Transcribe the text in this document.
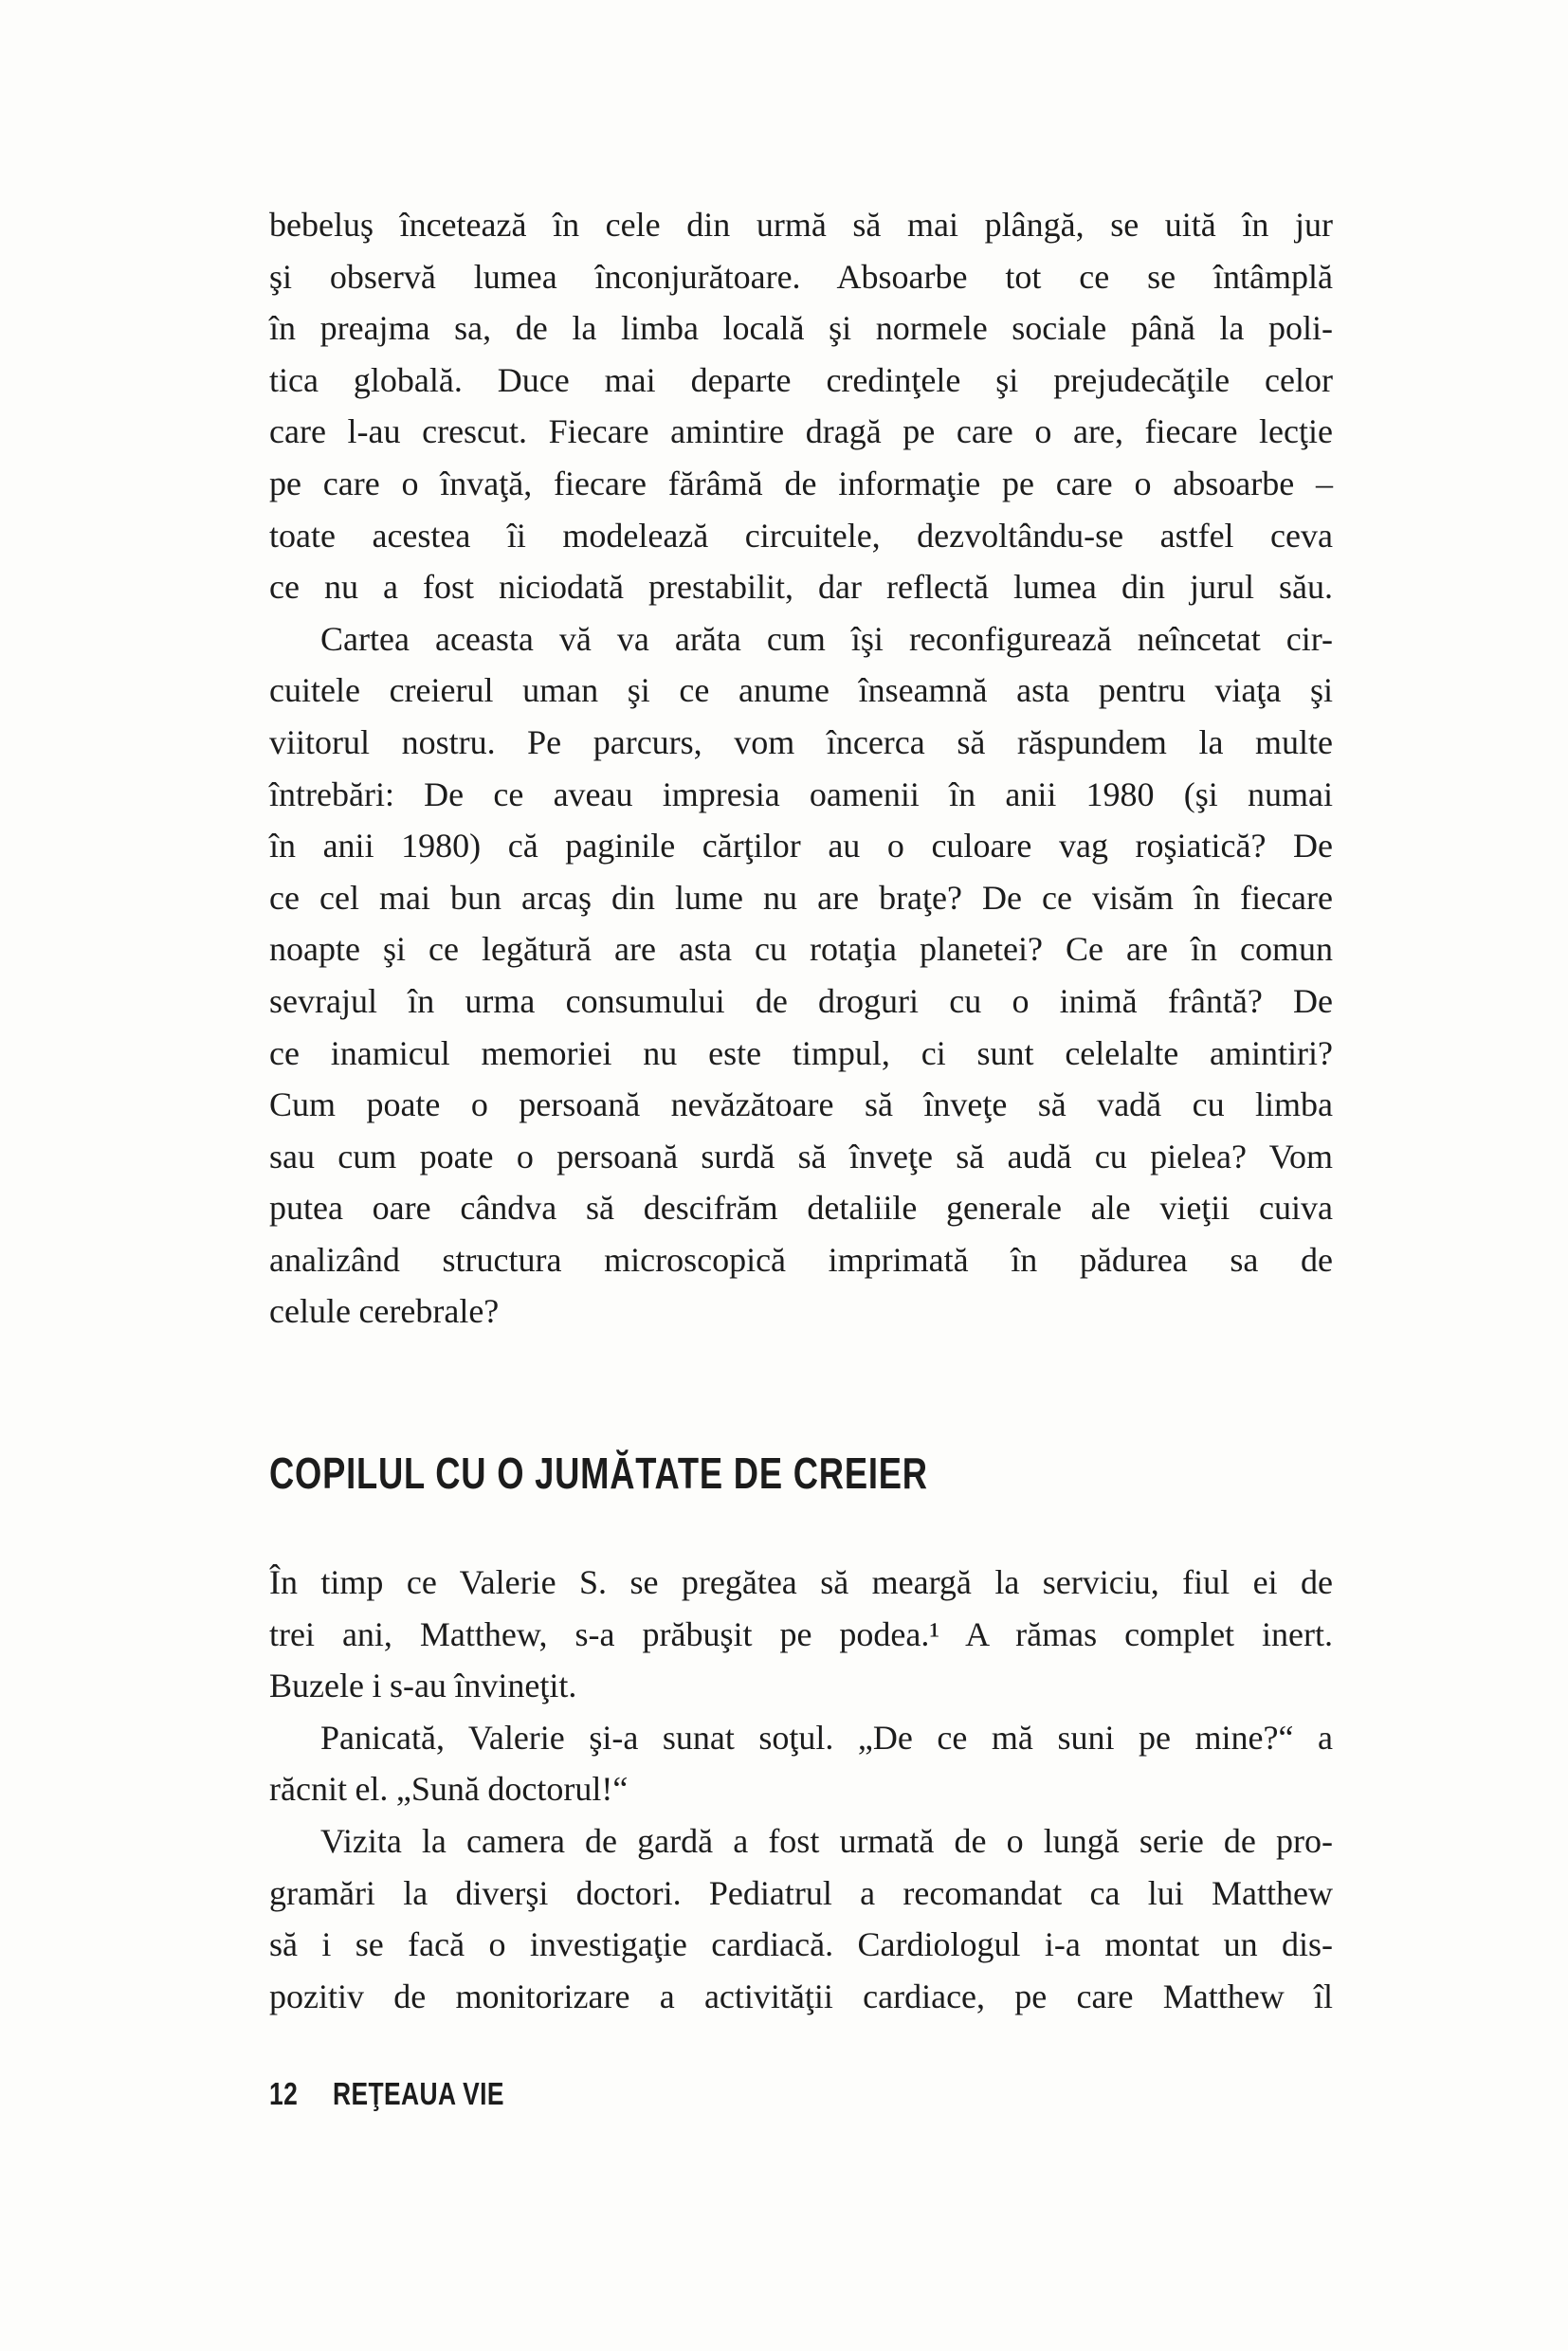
bebeluş încetează în cele din urmă să mai plângă, se uită în jur
şi observă lumea înconjurătoare. Absoarbe tot ce se întâmplă
în preajma sa, de la limba locală şi normele sociale până la poli-
tica globală. Duce mai departe credinţele şi prejudecăţile celor
care l-au crescut. Fiecare amintire dragă pe care o are, fiecare lecţie
pe care o învaţă, fiecare fărâmă de informaţie pe care o absoarbe –
toate acestea îi modelează circuitele, dezvoltându-se astfel ceva
ce nu a fost niciodată prestabilit, dar reflectă lumea din jurul său.
Cartea aceasta vă va arăta cum îşi reconfigurează neîncetat cir-
cuitele creierul uman şi ce anume înseamnă asta pentru viaţa şi
viitorul nostru. Pe parcurs, vom încerca să răspundem la multe
întrebări: De ce aveau impresia oamenii în anii 1980 (şi numai
în anii 1980) că paginile cărţilor au o culoare vag roşiatică? De
ce cel mai bun arcaş din lume nu are braţe? De ce visăm în fiecare
noapte şi ce legătură are asta cu rotaţia planetei? Ce are în comun
sevrajul în urma consumului de droguri cu o inimă frântă? De
ce inamicul memoriei nu este timpul, ci sunt celelalte amintiri?
Cum poate o persoană nevăzătoare să înveţe să vadă cu limba
sau cum poate o persoană surdă să înveţe să audă cu pielea? Vom
putea oare cândva să descifrăm detaliile generale ale vieţii cuiva
analizând structura microscopică imprimată în pădurea sa de
celule cerebrale?
COPILUL CU O JUMĂTATE DE CREIER
În timp ce Valerie S. se pregătea să meargă la serviciu, fiul ei de
trei ani, Matthew, s-a prăbuşit pe podea.¹ A rămas complet inert.
Buzele i s-au învineţit.
Panicată, Valerie şi-a sunat soţul. „De ce mă suni pe mine?“ a
răcnit el. „Sună doctorul!“
Vizita la camera de gardă a fost urmată de o lungă serie de pro-
gramări la diverşi doctori. Pediatrul a recomandat ca lui Matthew
să i se facă o investigaţie cardiacă. Cardiologul i-a montat un dis-
pozitiv de monitorizare a activităţii cardiace, pe care Matthew îl
12 REŢEAUA VIE
